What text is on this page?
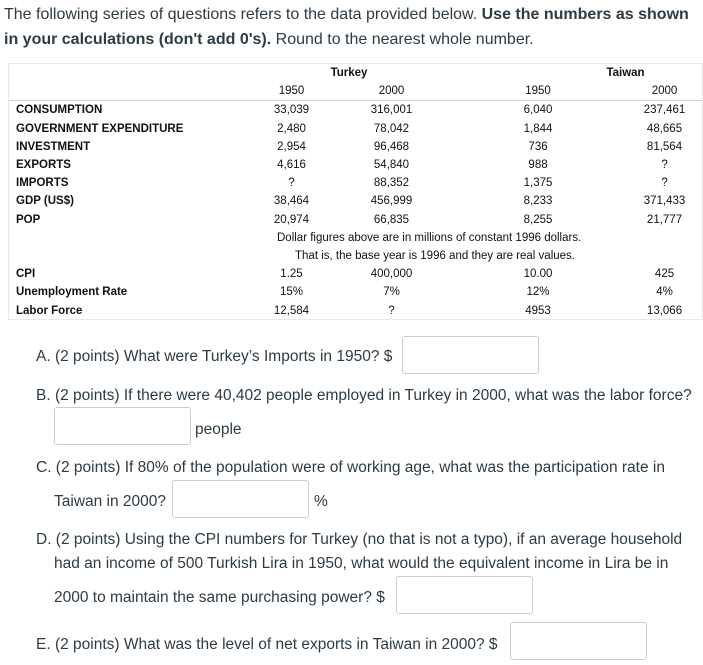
The following series of questions refers to the data provided below. Use the numbers as shown in your calculations (don't add 0's). Round to the nearest whole number.
	Turkey			Taiwan	
	1950	2000	1950		2000
CONSUMPTION	33,039	316,001	6,040		237,461
GOVERNMENT EXPENDITURE	2,480	78,042	1,844		48,665
INVESTMENT	2,954	96,468	736		81,564
EXPORTS	4,616	54,840	988		?
IMPORTS	?	88,352	1,375		?
GDP (US$)	38,464	456,999	8,233		371,433
POP	20,974	66,835	8,255		21,777
	Dollar figures above are in millions of constant 1996 dollars.				
	That is, the base year is 1996 and they are real values.				
CPI	1.25	400,000	10.00		425
Unemployment Rate	15%	7%	12%		4%
Labor Force	12,584	?	4953		13,066
A. (2 points) What were Turkey’s Imports in 1950? $
B. (2 points) If there were 40,402 people employed in Turkey in 2000, what was the labor force?
people
C. (2 points) If 80% of the population were of working age, what was the participation rate in
Taiwan in 2000?	%
D. (2 points) Using the CPI numbers for Turkey (no that is not a typo), if an average household
had an income of 500 Turkish Lira in 1950, what would the equivalent income in Lira be in
2000 to maintain the same purchasing power? $
E. (2 points) What was the level of net exports in Taiwan in 2000? $
